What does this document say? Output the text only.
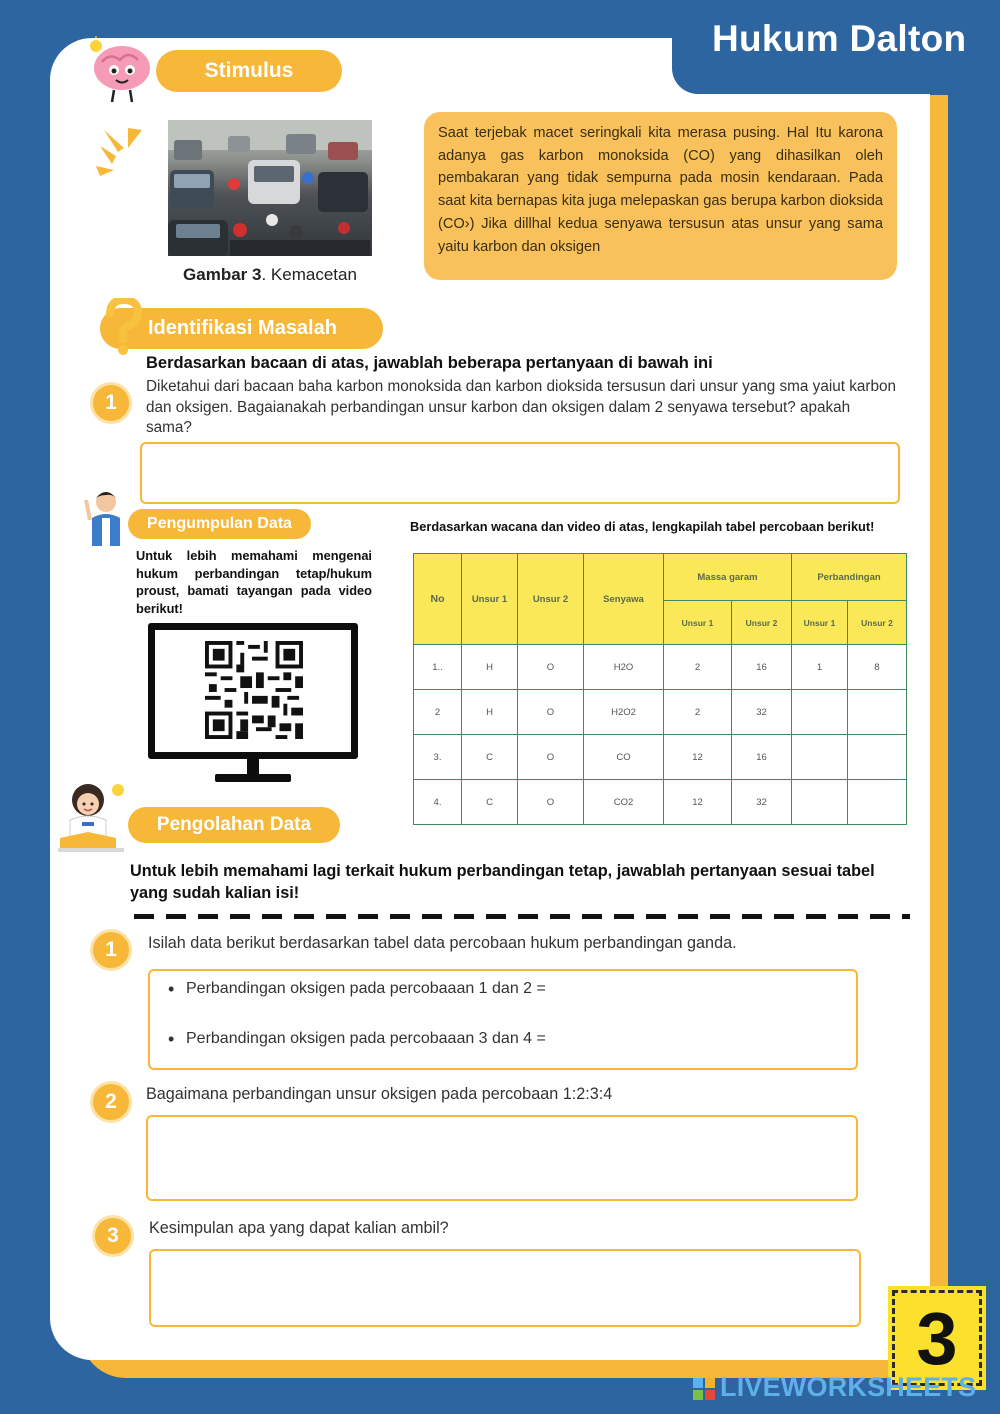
Hukum Dalton
Stimulus
Gambar 3. Kemacetan
Saat terjebak macet seringkali kita merasa pusing. Hal Itu karona adanya gas karbon monoksida (CO) yang dihasilkan oleh pembakaran yang tidak sempurna pada mosin kendaraan. Pada saat kita bernapas kita juga melepaskan gas berupa karbon dioksida (CO›) Jika dillhal kedua senyawa tersusun atas unsur yang sama yaitu karbon dan oksigen
Identifikasi Masalah
Berdasarkan bacaan di atas, jawablah beberapa pertanyaan di bawah ini
1
Diketahui dari bacaan baha karbon monoksida dan karbon dioksida tersusun dari unsur yang sma yaiut karbon dan oksigen. Bagaianakah perbandingan unsur karbon dan oksigen dalam 2 senyawa tersebut? apakah sama?
Pengumpulan Data
Untuk lebih memahami mengenai hukum perbandingan tetap/hukum proust, bamati tayangan pada video berikut!
Berdasarkan wacana dan video di atas, lengkapilah tabel percobaan berikut!
No	Unsur 1	Unsur 2	Senyawa	Massa garam		Perbandingan	
				Unsur 1	Unsur 2	Unsur 1	Unsur 2
1..	H	O	H2O	2	16	1	8
2	H	O	H2O2	2	32		
3.	C	O	CO	12	16		
4.	C	O	CO2	12	32		
Pengolahan Data
Untuk lebih memahami lagi terkait hukum perbandingan tetap, jawablah pertanyaan sesuai tabel yang sudah kalian isi!
1	Isilah data berikut berdasarkan tabel data percobaan hukum perbandingan ganda.
• Perbandingan oksigen pada percobaaan 1 dan 2 =
• Perbandingan oksigen pada percobaaan 3 dan 4 =
2	Bagaimana perbandingan unsur oksigen pada percobaan 1:2:3:4
3	Kesimpulan apa yang dapat kalian ambil?
3
LIVEWORKSHEETS
